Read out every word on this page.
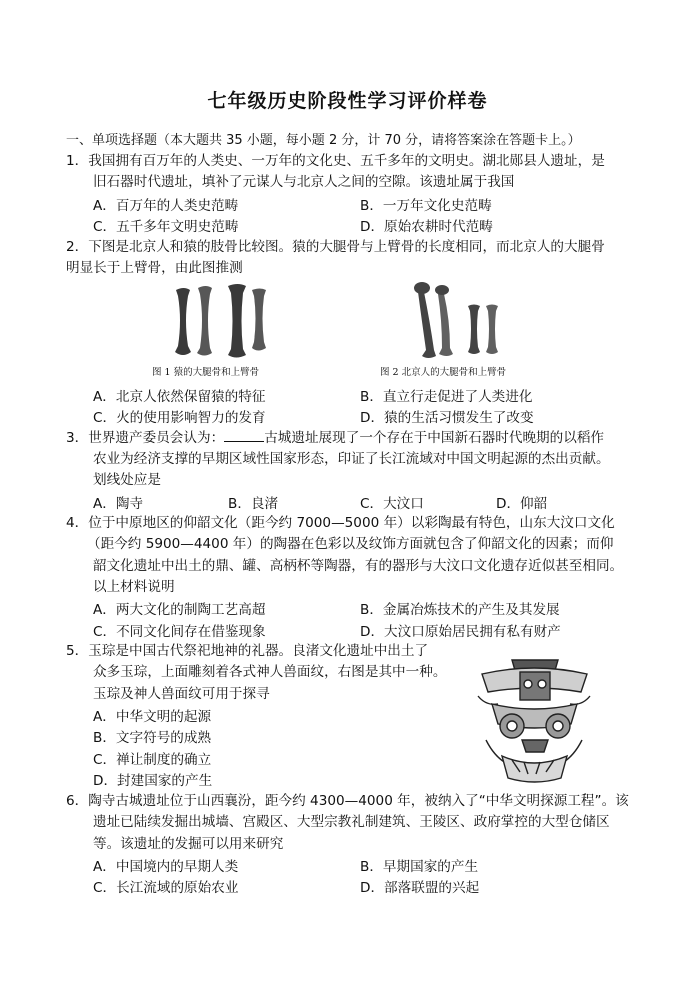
七年级历史阶段性学习评价样卷
一、单项选择题（本大题共 35 小题，每小题 2 分，计 70 分，请将答案涂在答题卡上。）
1．我国拥有百万年的人类史、一万年的文化史、五千多年的文明史。湖北郧县人遗址，是
旧石器时代遗址，填补了元谋人与北京人之间的空隙。该遗址属于我国
A．百万年的人类史范畴	B．一万年文化史范畴
C．五千多年文明史范畴	D．原始农耕时代范畴
2．下图是北京人和猿的肢骨比较图。猿的大腿骨与上臂骨的长度相同，而北京人的大腿骨
明显长于上臂骨，由此图推测
图 1 猿的大腿骨和上臂骨	图 2 北京人的大腿骨和上臂骨
A．北京人依然保留猿的特征	B．直立行走促进了人类进化
C．火的使用影响智力的发育	D．猿的生活习惯发生了改变
3．世界遗产委员会认为：	古城遗址展现了一个存在于中国新石器时代晚期的以稻作
农业为经济支撑的早期区域性国家形态，印证了长江流域对中国文明起源的杰出贡献。
划线处应是
A．陶寺	B．良渚	C．大汶口	D．仰韶
4．位于中原地区的仰韶文化（距今约 7000—5000 年）以彩陶最有特色，山东大汶口文化
（距今约 5900—4400 年）的陶器在色彩以及纹饰方面就包含了仰韶文化的因素；而仰
韶文化遗址中出土的鼎、罐、高柄杯等陶器，有的器形与大汶口文化遗存近似甚至相同。
以上材料说明
A．两大文化的制陶工艺高超	B．金属冶炼技术的产生及其发展
C．不同文化间存在借鉴现象	D．大汶口原始居民拥有私有财产
5．玉琮是中国古代祭祀地神的礼器。良渚文化遗址中出土了
众多玉琮，上面雕刻着各式神人兽面纹，右图是其中一种。
玉琮及神人兽面纹可用于探寻
A．中华文明的起源
B．文字符号的成熟
C．禅让制度的确立
D．封建国家的产生
6．陶寺古城遗址位于山西襄汾，距今约 4300—4000 年，被纳入了“中华文明探源工程”。该
遗址已陆续发掘出城墙、宫殿区、大型宗教礼制建筑、王陵区、政府掌控的大型仓储区
等。该遗址的发掘可以用来研究
A．中国境内的早期人类	B．早期国家的产生
C．长江流域的原始农业	D．部落联盟的兴起
